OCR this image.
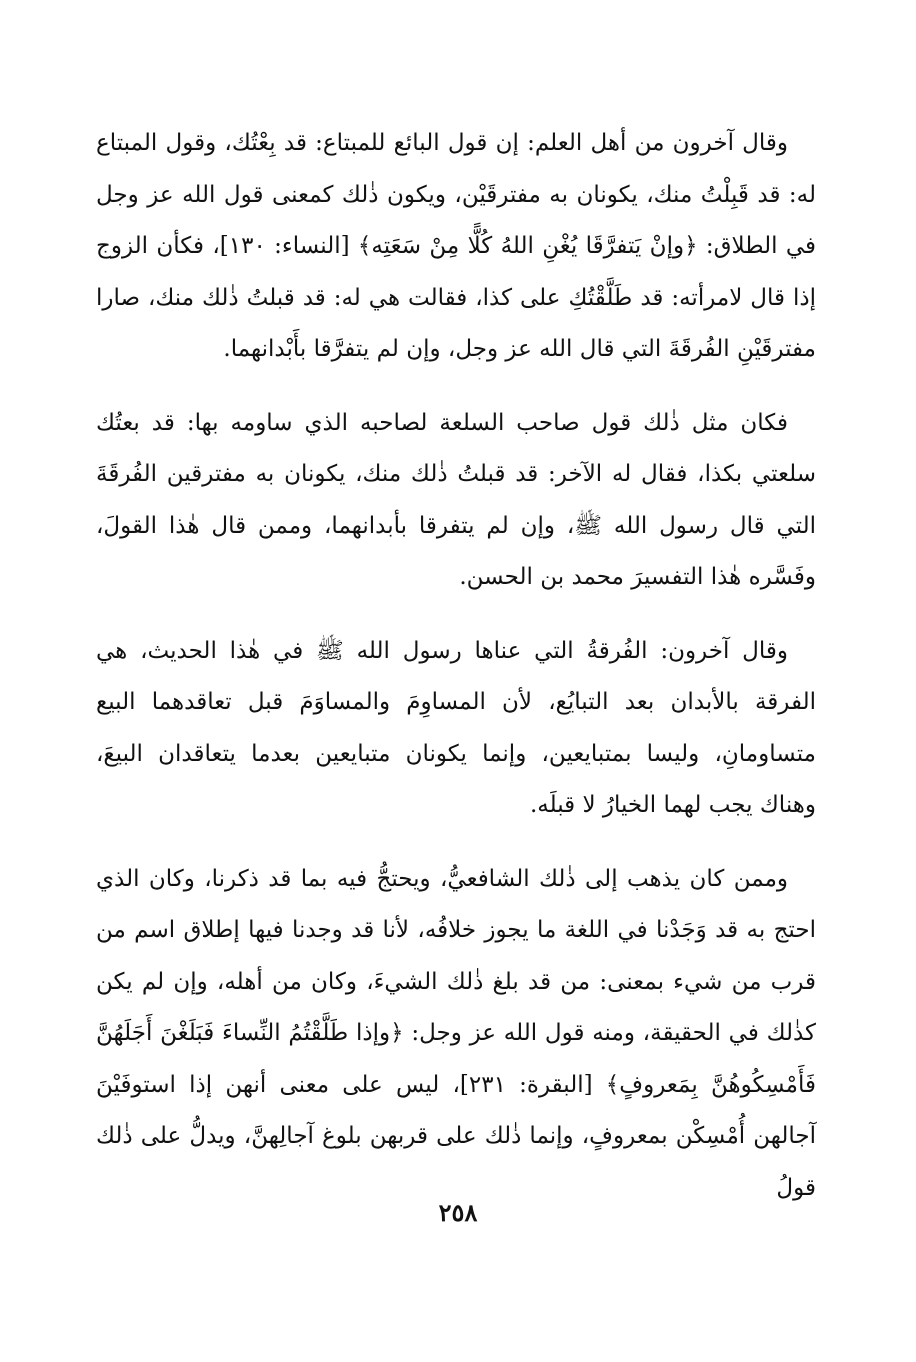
وقال آخرون من أهل العلم: إن قول البائع للمبتاع: قد بِعْتُك، وقول المبتاع له: قد قَبِلْتُ منك، يكونان به مفترقَيْن، ويكون ذٰلك كمعنى قول الله عز وجل في الطلاق: ﴿وإنْ يَتفرَّقَا يُغْنِ اللهُ كُلًّا مِنْ سَعَتِه﴾ [النساء: ١٣٠]، فكأن الزوج إذا قال لامرأته: قد طَلَّقْتُكِ على كذا، فقالت هي له: قد قبلتُ ذٰلك منك، صارا مفترقَيْنِ الفُرقَةَ التي قال الله عز وجل، وإن لم يتفرَّقا بأَبْدانهما.

فكان مثل ذٰلك قول صاحب السلعة لصاحبه الذي ساومه بها: قد بعتُك سلعتي بكذا، فقال له الآخر: قد قبلتُ ذٰلك منك، يكونان به مفترقين الفُرقَةَ التي قال رسول الله ﷺ، وإن لم يتفرقا بأبدانهما، وممن قال هٰذا القولَ، وفَسَّره هٰذا التفسيرَ محمد بن الحسن.

وقال آخرون: الفُرقةُ التي عناها رسول الله ﷺ في هٰذا الحديث، هي الفرقة بالأبدان بعد التبايُع، لأن المساوِمَ والمساوَمَ قبل تعاقدهما البيع متساومانِ، وليسا بمتبايعين، وإنما يكونان متبايعين بعدما يتعاقدان البيعَ، وهناك يجب لهما الخيارُ لا قبلَه.

وممن كان يذهب إلى ذٰلك الشافعيُّ، ويحتجُّ فيه بما قد ذكرنا، وكان الذي احتج به قد وَجَدْنا في اللغة ما يجوز خلافُه، لأنا قد وجدنا فيها إطلاق اسم من قرب من شيء بمعنى: من قد بلغ ذٰلك الشيءَ، وكان من أهله، وإن لم يكن كذٰلك في الحقيقة، ومنه قول الله عز وجل: ﴿وإذا طَلَّقْتُمُ النِّساءَ فَبَلَغْنَ أَجَلَهُنَّ فَأَمْسِكُوهُنَّ بِمَعروفٍ﴾ [البقرة: ٢٣١]، ليس على معنى أنهن إذا استوفَيْنَ آجالهن أُمْسِكْن بمعروفٍ، وإنما ذٰلك على قربهن بلوغ آجالِهنَّ، ويدلُّ على ذٰلك قولُ

٢٥٨
